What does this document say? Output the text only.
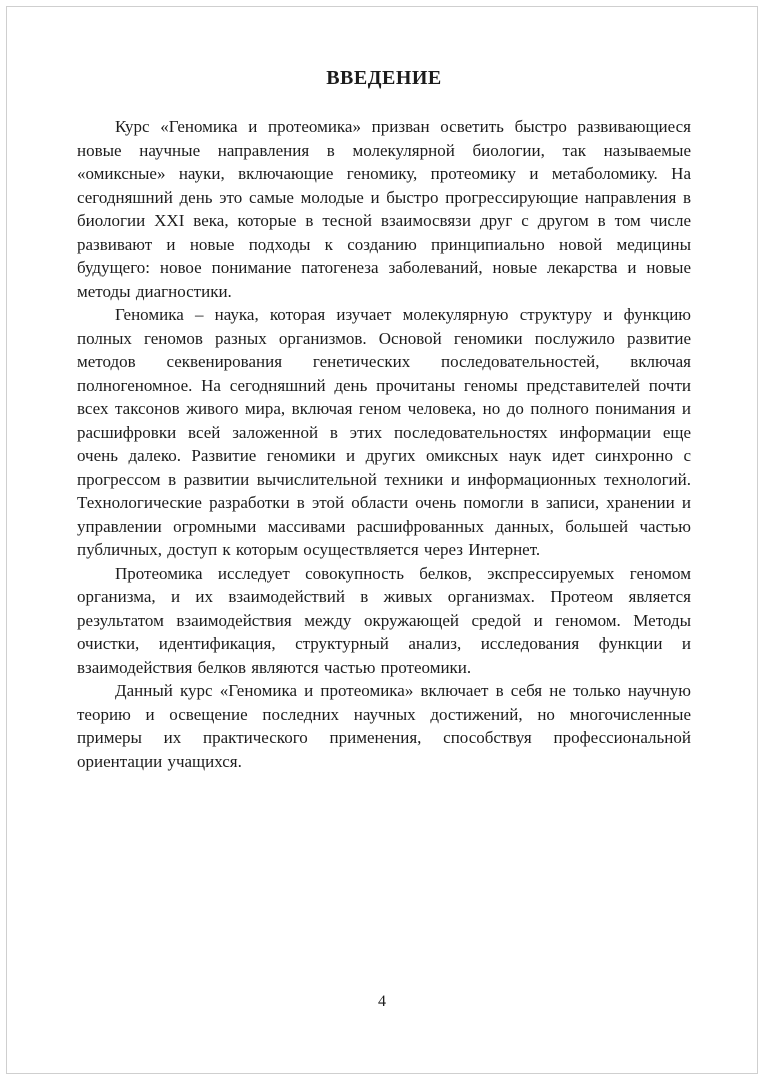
ВВЕДЕНИЕ

Курс «Геномика и протеомика» призван осветить быстро развивающиеся новые научные направления в молекулярной биологии, так называемые «омиксные» науки, включающие геномику, протеомику и метаболомику. На сегодняшний день это самые молодые и быстро прогрессирующие направления в биологии XXI века, которые в тесной взаимосвязи друг с другом в том числе развивают и новые подходы к созданию принципиально новой медицины будущего: новое понимание патогенеза заболеваний, новые лекарства и новые методы диагностики.

Геномика – наука, которая изучает молекулярную структуру и функцию полных геномов разных организмов. Основой геномики послужило развитие методов секвенирования генетических последовательностей, включая полногеномное. На сегодняшний день прочитаны геномы представителей почти всех таксонов живого мира, включая геном человека, но до полного понимания и расшифровки всей заложенной в этих последовательностях информации еще очень далеко. Развитие геномики и других омиксных наук идет синхронно с прогрессом в развитии вычислительной техники и информационных технологий. Технологические разработки в этой области очень помогли в записи, хранении и управлении огромными массивами расшифрованных данных, большей частью публичных, доступ к которым осуществляется через Интернет.

Протеомика исследует совокупность белков, экспрессируемых геномом организма, и их взаимодействий в живых организмах. Протеом является результатом взаимодействия между окружающей средой и геномом. Методы очистки, идентификация, структурный анализ, исследования функции и взаимодействия белков являются частью протеомики.

Данный курс «Геномика и протеомика» включает в себя не только научную теорию и освещение последних научных достижений, но многочисленные примеры их практического применения, способствуя профессиональной ориентации учащихся.

4
